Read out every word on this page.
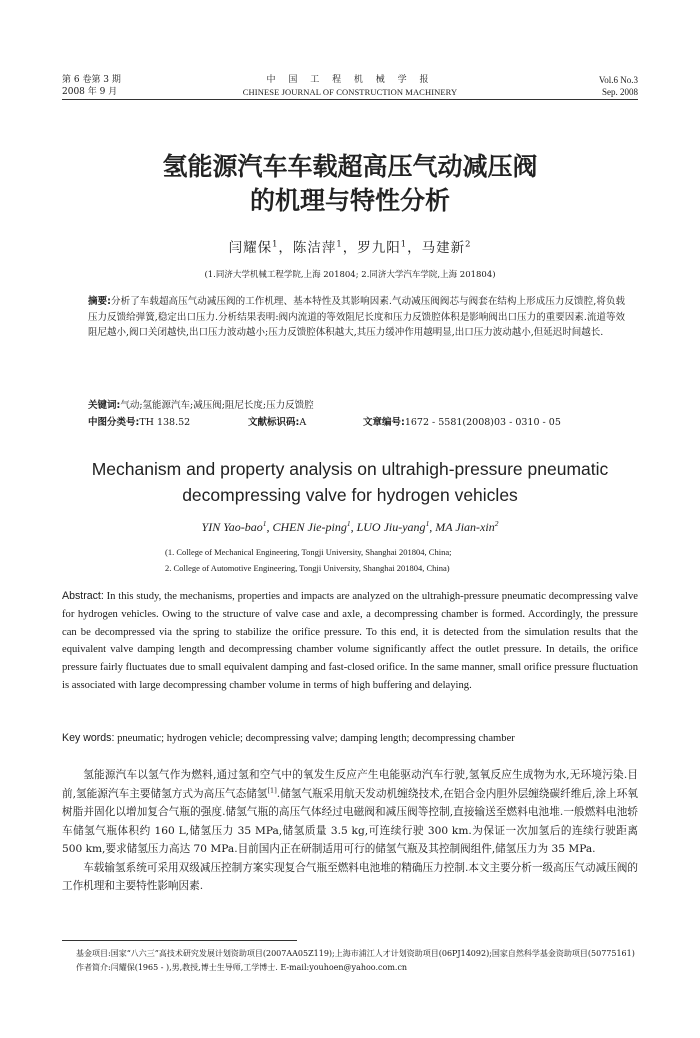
第 6 卷第 3 期
2008 年 9 月
中 国 工 程 机 械 学 报
CHINESE JOURNAL OF CONSTRUCTION MACHINERY
Vol.6 No.3
Sep. 2008
氢能源汽车车载超高压气动减压阀
的机理与特性分析
闫耀保$^1$，陈洁萍$^1$，罗九阳$^1$，马建新$^2$
(1.同济大学机械工程学院,上海 201804; 2.同济大学汽车学院,上海 201804)
摘要:分析了车载超高压气动减压阀的工作机理、基本特性及其影响因素.气动减压阀阀芯与阀套在结构上形成压力反馈腔,将负载压力反馈给弹簧,稳定出口压力.分析结果表明:阀内流道的等效阻尼长度和压力反馈腔体积是影响阀出口压力的重要因素.流道等效阻尼越小,阀口关闭越快,出口压力波动越小;压力反馈腔体积越大,其压力缓冲作用越明显,出口压力波动越小,但延迟时间越长.
关键词:气动;氢能源汽车;减压阀;阻尼长度;压力反馈腔
中图分类号:TH 138.52	文献标识码:A	文章编号:1672 - 5581(2008)03 - 0310 - 05
Mechanism and property analysis on ultrahigh-pressure pneumatic
decompressing valve for hydrogen vehicles
YIN Yao-bao$^1$, CHEN Jie-ping$^1$, LUO Jiu-yang$^1$, MA Jian-xin$^2$
(1. College of Mechanical Engineering, Tongji University, Shanghai 201804, China;
2. College of Automotive Engineering, Tongji University, Shanghai 201804, China)
Abstract: In this study, the mechanisms, properties and impacts are analyzed on the ultrahigh-pressure pneumatic decompressing valve for hydrogen vehicles. Owing to the structure of valve case and axle, a decompressing chamber is formed. Accordingly, the pressure can be decompressed via the spring to stabilize the orifice pressure. To this end, it is detected from the simulation results that the equivalent valve damping length and decompressing chamber volume significantly affect the outlet pressure. In details, the orifice pressure fairly fluctuates due to small equivalent damping and fast-closed orifice. In the same manner, small orifice pressure fluctuation is associated with large decompressing chamber volume in terms of high buffering and delaying.
Key words: pneumatic; hydrogen vehicle; decompressing valve; damping length; decompressing chamber

氢能源汽车以氢气作为燃料,通过氢和空气中的氧发生反应产生电能驱动汽车行驶,氢氧反应生成物为水,无环境污染.目前,氢能源汽车主要储氢方式为高压气态储氢[1].储氢气瓶采用航天发动机缠绕技术,在铝合金内胆外层缠绕碳纤维后,涂上环氧树脂并固化以增加复合气瓶的强度.储氢气瓶的高压气体经过电磁阀和减压阀等控制,直接输送至燃料电池堆.一般燃料电池轿车储氢气瓶体积约 160 L,储氢压力 35 MPa,储氢质量 3.5 kg,可连续行驶 300 km.为保证一次加氢后的连续行驶距离 500 km,要求储氢压力高达 70 MPa.目前国内正在研制适用可行的储氢气瓶及其控制阀组件,储氢压力为 35 MPa.

车载输氢系统可采用双级减压控制方案实现复合气瓶至燃料电池堆的精确压力控制.本文主要分析一级高压气动减压阀的工作机理和主要特性影响因素.

基金项目:国家“八六三”高技术研究发展计划资助项目(2007AA05Z119);上海市浦江人才计划资助项目(06PJ14092);国家自然科学基金资助项目(50775161)
作者简介:闫耀保(1965 - ),男,教授,博士生导师,工学博士. E-mail:youhoen@yahoo.com.cn
